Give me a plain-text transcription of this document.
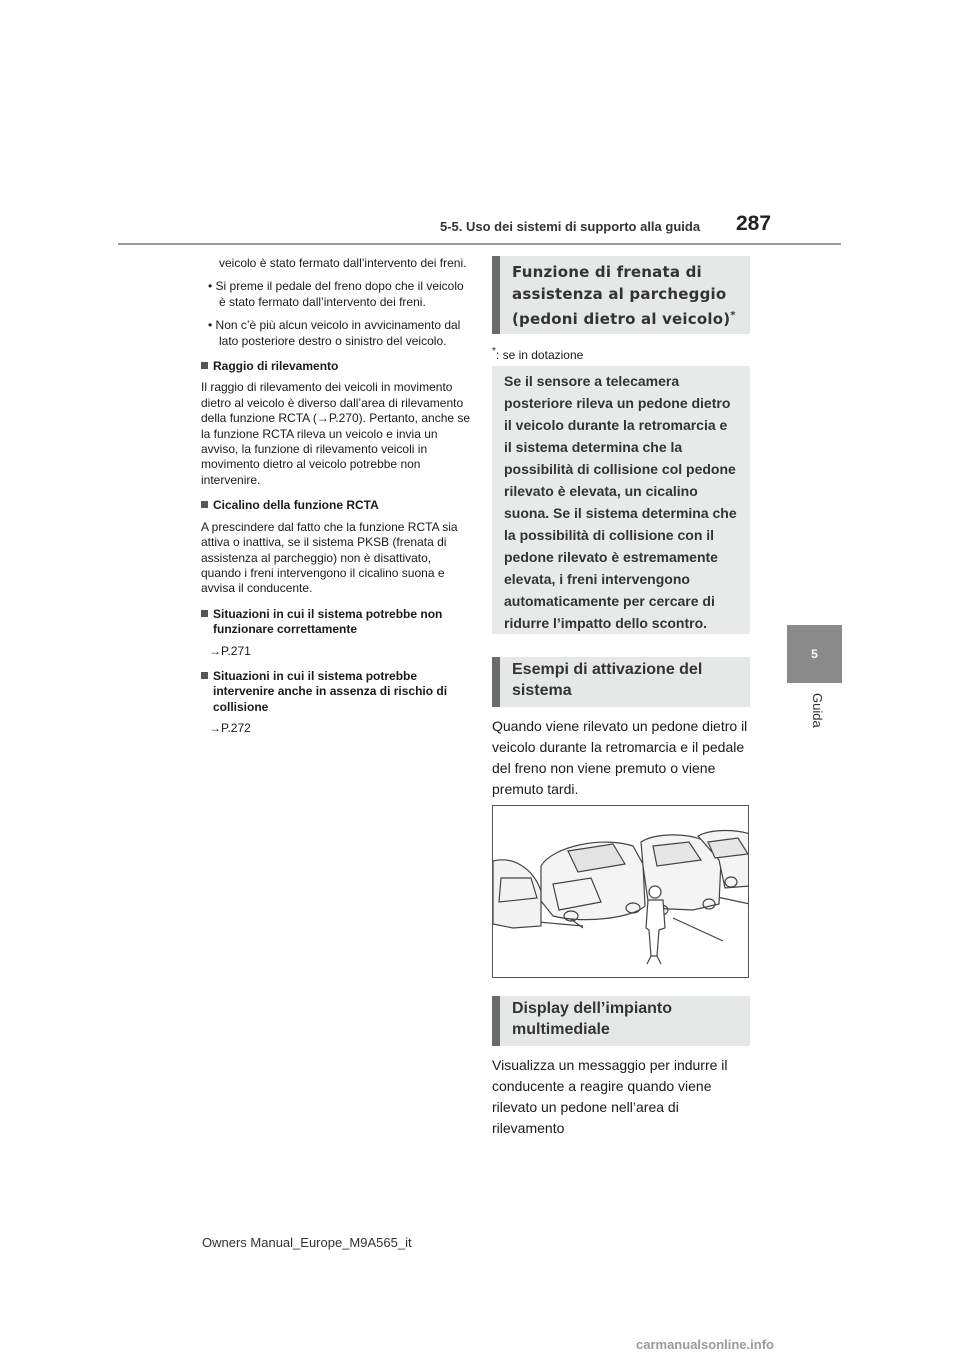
5-5. Uso dei sistemi di supporto alla guida 287
5
Guida

veicolo è stato fermato dall’intervento dei freni.

• Si preme il pedale del freno dopo che il veicolo è stato fermato dall’intervento dei freni.

• Non c’è più alcun veicolo in avvicinamento dal lato posteriore destro o sinistro del veicolo.

Raggio di rilevamento

Il raggio di rilevamento dei veicoli in movimento dietro al veicolo è diverso dall’area di rilevamento della funzione RCTA (→P.270). Pertanto, anche se la funzione RCTA rileva un veicolo e invia un avviso, la funzione di rilevamento veicoli in movimento dietro al veicolo potrebbe non intervenire.

Cicalino della funzione RCTA

A prescindere dal fatto che la funzione RCTA sia attiva o inattiva, se il sistema PKSB (frenata di assistenza al parcheggio) non è disattivato, quando i freni intervengono il cicalino suona e avvisa il conducente.

Situazioni in cui il sistema potrebbe non funzionare correttamente

→P.271

Situazioni in cui il sistema potrebbe intervenire anche in assenza di rischio di collisione

→P.272

Funzione di frenata di assistenza al parcheggio (pedoni dietro al veicolo)*
*: se in dotazione
Se il sensore a telecamera posteriore rileva un pedone dietro il veicolo durante la retromarcia e il sistema determina che la possibilità di collisione col pedone rilevato è elevata, un cicalino suona. Se il sistema determina che la possibilità di collisione con il pedone rilevato è estremamente elevata, i freni intervengono automaticamente per cercare di ridurre l’impatto dello scontro.
Esempi di attivazione del sistema
Quando viene rilevato un pedone dietro il veicolo durante la retromarcia e il pedale del freno non viene premuto o viene premuto tardi.
Display dell’impianto multimediale
Visualizza un messaggio per indurre il conducente a reagire quando viene rilevato un pedone nell’area di rilevamento
Owners Manual_Europe_M9A565_it
carmanualsonline.info
